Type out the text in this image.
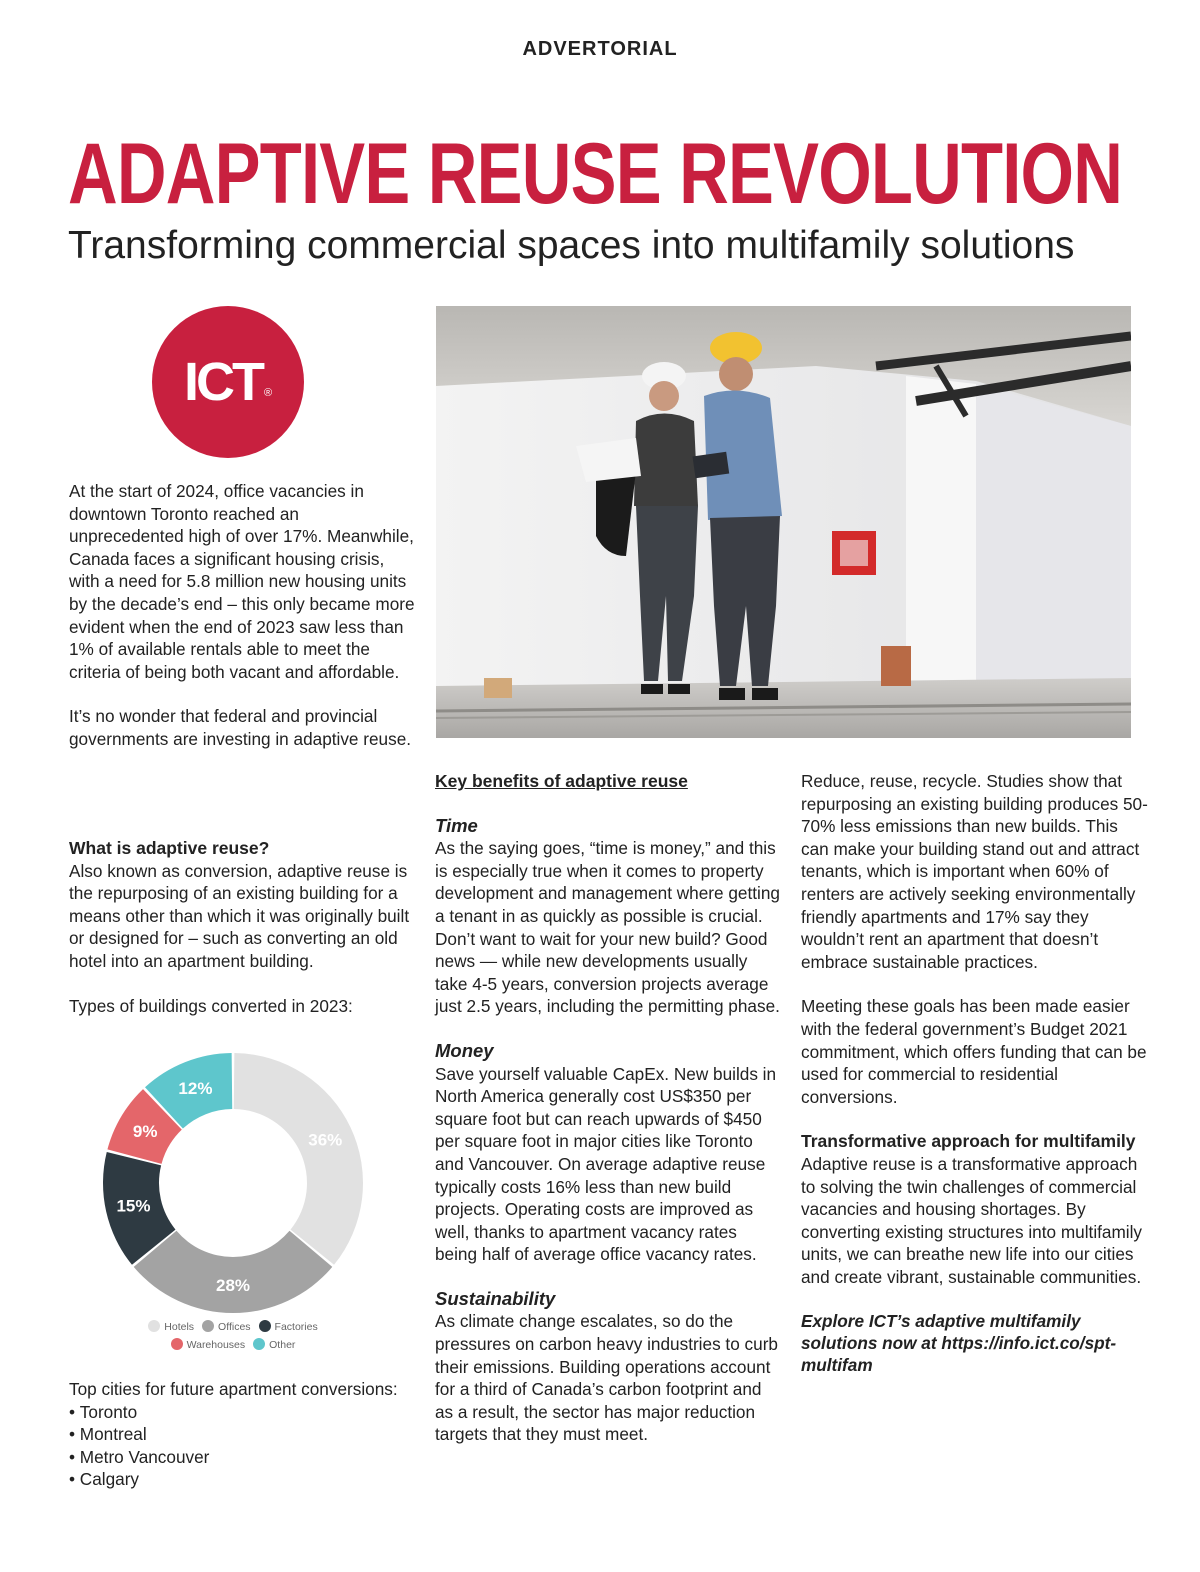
ADVERTORIAL
ADAPTIVE REUSE REVOLUTION
Transforming commercial spaces into multifamily solutions
ICT ®

At the start of 2024, office vacancies in downtown Toronto reached an unprecedented high of over 17%. Meanwhile, Canada faces a significant housing crisis, with a need for 5.8 million new housing units by the decade’s end – this only became more evident when the end of 2023 saw less than 1% of available rentals able to meet the criteria of being both vacant and affordable.

It’s no wonder that federal and provincial governments are investing in adaptive reuse.

What is adaptive reuse?

Also known as conversion, adaptive reuse is the repurposing of an existing building for a means other than which it was originally built or designed for – such as converting an old hotel into an apartment building.

Types of buildings converted in 2023:

36%
28%
15%
9%
12%
Hotels Offices Factories
Warehouses Other

Top cities for future apartment conversions:

• Toronto
• Montreal
• Metro Vancouver
• Calgary

Key benefits of adaptive reuse

Time

As the saying goes, “time is money,” and this is especially true when it comes to property development and management where getting a tenant in as quickly as possible is crucial. Don’t want to wait for your new build? Good news — while new developments usually take 4-5 years, conversion projects average just 2.5 years, including the permitting phase.

Money

Save yourself valuable CapEx. New builds in North America generally cost US$350 per square foot but can reach upwards of $450 per square foot in major cities like Toronto and Vancouver. On average adaptive reuse typically costs 16% less than new build projects. Operating costs are improved as well, thanks to apartment vacancy rates being half of average office vacancy rates.

Sustainability

As climate change escalates, so do the pressures on carbon heavy industries to curb their emissions. Building operations account for a third of Canada’s carbon footprint and as a result, the sector has major reduction targets that they must meet.

Reduce, reuse, recycle. Studies show that repurposing an existing building produces 50-70% less emissions than new builds. This can make your building stand out and attract tenants, which is important when 60% of renters are actively seeking environmentally friendly apartments and 17% say they wouldn’t rent an apartment that doesn’t embrace sustainable practices.

Meeting these goals has been made easier with the federal government’s Budget 2021 commitment, which offers funding that can be used for commercial to residential conversions.

Transformative approach for multifamily

Adaptive reuse is a transformative approach to solving the twin challenges of commercial vacancies and housing shortages. By converting existing structures into multifamily units, we can breathe new life into our cities and create vibrant, sustainable communities.

Explore ICT’s adaptive multifamily solutions now at https://info.ict.co/spt-multifam
